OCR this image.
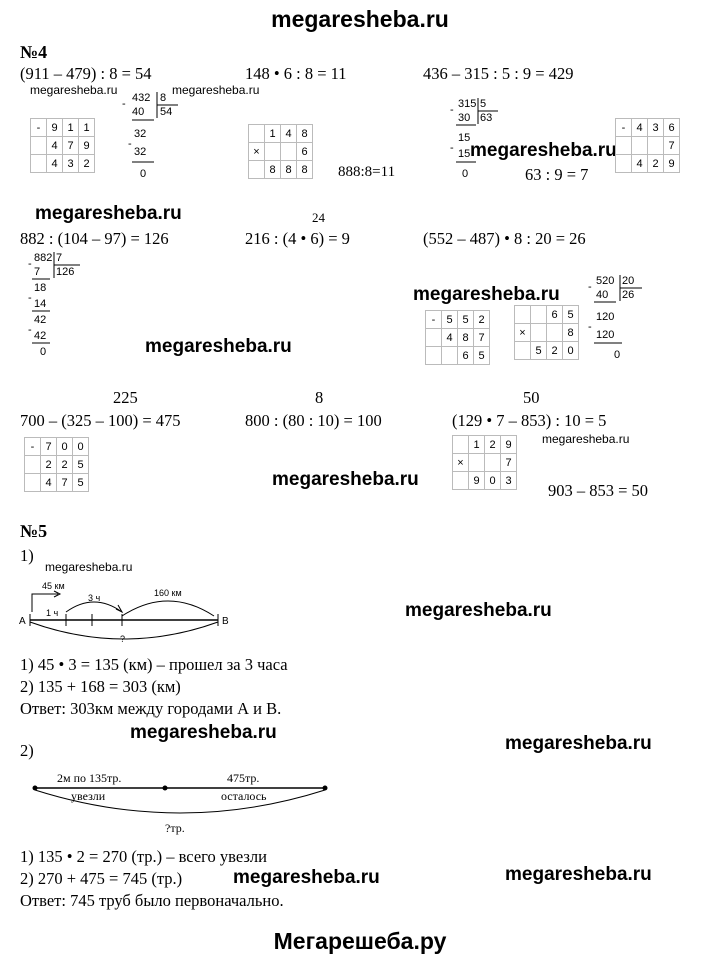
megaresheba.ru
Мегарешеба.ру
megaresheba.ru	megaresheba.ru
megaresheba.ru
megaresheba.ru
megaresheba.ru
megaresheba.ru
megaresheba.ru
megaresheba.ru
megaresheba.ru
megaresheba.ru
megaresheba.ru
megaresheba.ru
megaresheba.ru	megaresheba.ru
№4
(911 – 479) : 8 = 54	148 • 6 : 8 = 11	436 – 315 : 5 : 9 = 429
-	9	1	1
	4	7	9
	4	3	2
432 8
54
-
40
32
-
32
0
	1	4	8
×			6
	8	8	8 888:8=11
315 5
63
-
30
15
- 15
0	63 : 9 = 7
-	4	3	6
			7
	4	2	9
24
882 : (104 – 97) = 126	216 : (4 • 6) = 9	(552 – 487) • 8 : 20 = 26
882 7
126
-
7
18
- 14
42
- 42
0
-	5	5	2
	4	8	7
		6	5
		6	5
×			8
	5	2	0
520 20
26
-
40
120
-
120
0
225	8	50
700 – (325 – 100) = 475	800 : (80 : 10) = 100	(129 • 7 – 853) : 10 = 5
-	7	0	0
	2	2	5
	4	7	5
	1	2	9
×			7
	9	0	3
903 – 853 = 50
№5
1)
45 км
3 ч
1 ч
160 км
?
A	B
1) 45 • 3 = 135 (км) – прошел за 3 часа
2) 135 + 168 = 303 (км)
Ответ: 303км между городами А и В.
2)
2м по 135тр.
увезли
475тр.
осталось
?тр.
1) 135 • 2 = 270 (тр.) – всего увезли
2) 270 + 475 = 745 (тр.)
Ответ: 745 труб было первоначально.
